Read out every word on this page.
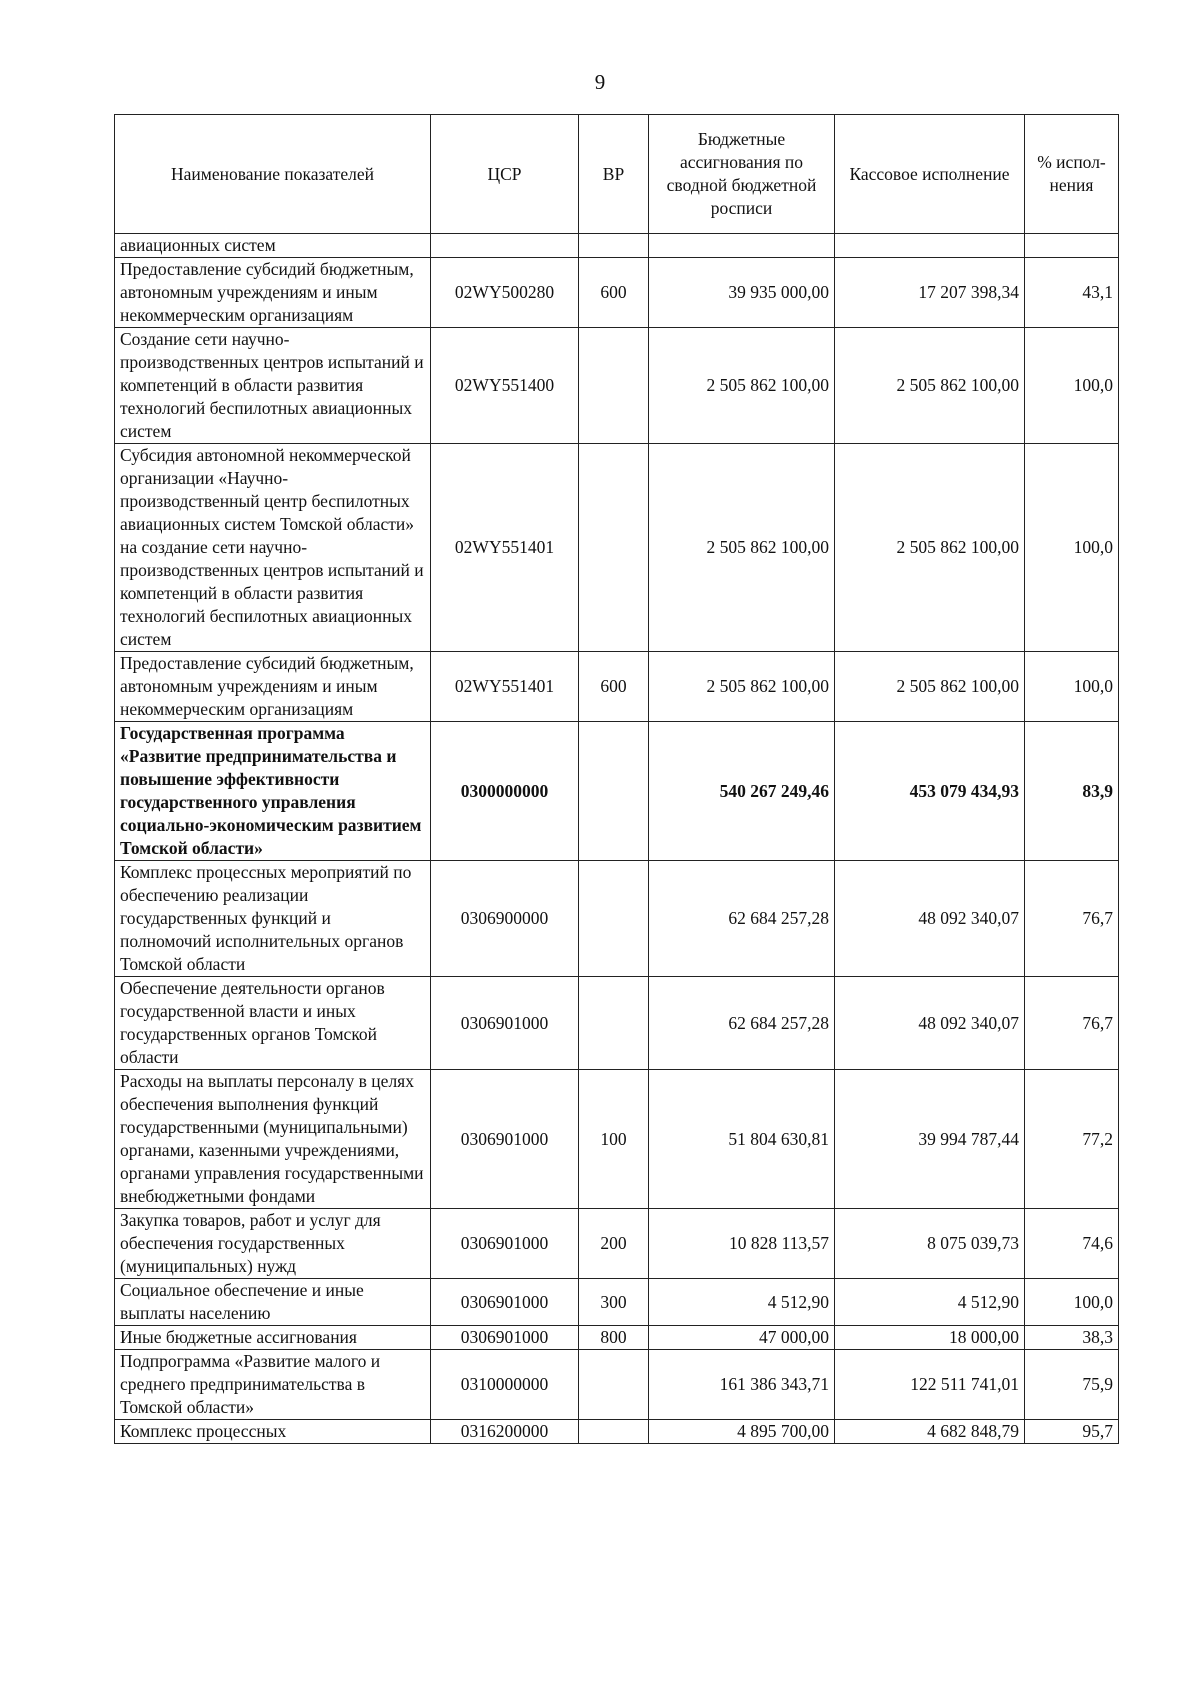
9
Наименование показателей	ЦСР	ВР	Бюджетные ассигнования по сводной бюджетной росписи	Кассовое исполнение	% испол-нения
авиационных систем					
Предоставление субсидий бюджетным, автономным учреждениям и иным некоммерческим организациям	02WY500280	600	39 935 000,00	17 207 398,34	43,1
Создание сети научно-производственных центров испытаний и компетенций в области развития технологий беспилотных авиационных систем	02WY551400		2 505 862 100,00	2 505 862 100,00	100,0
Субсидия автономной некоммерческой организации «Научно-производственный центр беспилотных авиационных систем Томской области» на создание сети научно-производственных центров испытаний и компетенций в области развития технологий беспилотных авиационных систем	02WY551401		2 505 862 100,00	2 505 862 100,00	100,0
Предоставление субсидий бюджетным, автономным учреждениям и иным некоммерческим организациям	02WY551401	600	2 505 862 100,00	2 505 862 100,00	100,0
Государственная программа «Развитие предпринимательства и повышение эффективности государственного управления социально-экономическим развитием Томской области»	0300000000		540 267 249,46	453 079 434,93	83,9
Комплекс процессных мероприятий по обеспечению реализации государственных функций и полномочий исполнительных органов Томской области	0306900000		62 684 257,28	48 092 340,07	76,7
Обеспечение деятельности органов государственной власти и иных государственных органов Томской области	0306901000		62 684 257,28	48 092 340,07	76,7
Расходы на выплаты персоналу в целях обеспечения выполнения функций государственными (муниципальными) органами, казенными учреждениями, органами управления государственными внебюджетными фондами	0306901000	100	51 804 630,81	39 994 787,44	77,2
Закупка товаров, работ и услуг для обеспечения государственных (муниципальных) нужд	0306901000	200	10 828 113,57	8 075 039,73	74,6
Социальное обеспечение и иные выплаты населению	0306901000	300	4 512,90	4 512,90	100,0
Иные бюджетные ассигнования	0306901000	800	47 000,00	18 000,00	38,3
Подпрограмма «Развитие малого и среднего предпринимательства в Томской области»	0310000000		161 386 343,71	122 511 741,01	75,9
Комплекс процессных	0316200000		4 895 700,00	4 682 848,79	95,7
